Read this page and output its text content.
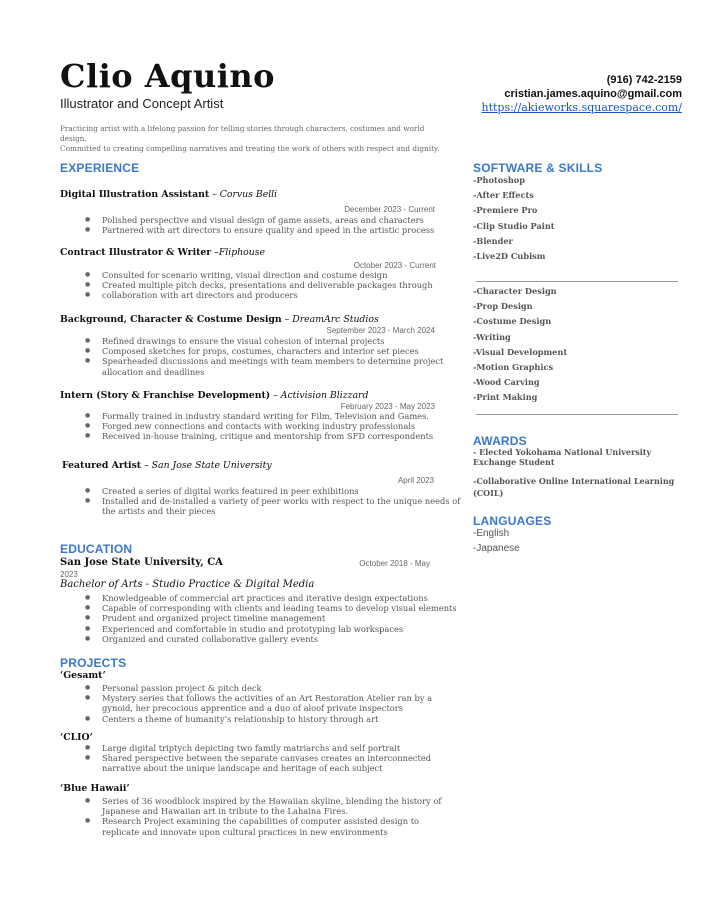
Clio Aquino
Illustrator and Concept Artist
(916) 742-2159
cristian.james.aquino@gmail.com
https://akieworks.squarespace.com/
Practicing artist with a lifelong passion for telling stories through characters, costumes and world design.
Committed to creating compelling narratives and treating the work of others with respect and dignity.
EXPERIENCE
Digital Illustration Assistant – Corvus Belli
December 2023 - Current
● Polished perspective and visual design of game assets, areas and characters
● Partnered with art directors to ensure quality and speed in the artistic process
Contract Illustrator & Writer –Fliphouse
October 2023 - Current
● Consulted for scenario writing, visual direction and costume design
● Created multiple pitch decks, presentations and deliverable packages through
● collaboration with art directors and producers
Background, Character & Costume Design – DreamArc Studios
September 2023 - March 2024
● Refined drawings to ensure the visual cohesion of internal projects
● Composed sketches for props, costumes, characters and interior set pieces
● Spearheaded discussions and meetings with team members to determine project
allocation and deadlines
Intern (Story & Franchise Development) – Activision Blizzard
February 2023 - May 2023
● Formally trained in industry standard writing for Film, Television and Games.
● Forged new connections and contacts with working industry professionals
● Received in-house training, critique and mentorship from SFD correspondents
Featured Artist – San Jose State University
April 2023
● Created a series of digital works featured in peer exhibitions
● Installed and de-installed a variety of peer works with respect to the unique needs of
the artists and their pieces
EDUCATION
San Jose State University, CA	October 2018 - May
2023
Bachelor of Arts - Studio Practice & Digital Media
● Knowledgeable of commercial art practices and iterative design expectations
● Capable of corresponding with clients and leading teams to develop visual elements
● Prudent and organized project timeline management
● Experienced and comfortable in studio and prototyping lab workspaces
● Organized and curated collaborative gallery events
PROJECTS
‘Gesamt’
● Personal passion project & pitch deck
● Mystery series that follows the activities of an Art Restoration Atelier ran by a
gynoid, her precocious apprentice and a duo of aloof private inspectors
● Centers a theme of humanity’s relationship to history through art
‘CLIO’
● Large digital triptych depicting two family matriarchs and self portrait
● Shared perspective between the separate canvases creates an interconnected
narrative about the unique landscape and heritage of each subject
‘Blue Hawaii’
● Series of 36 woodblock inspired by the Hawaiian skyline, blending the history of
Japanese and Hawaiian art in tribute to the Lahaina Fires.
● Research Project examining the capabilities of computer assisted design to
replicate and innovate upon cultural practices in new environments
SOFTWARE & SKILLS
-Photoshop
-After Effects
-Premiere Pro
-Clip Studio Paint
-Blender
-Live2D Cubism
-Character Design
-Prop Design
-Costume Design
-Writing
-Visual Development
-Motion Graphics
-Wood Carving
-Print Making
AWARDS
- Elected Yokohama National University
Exchange Student
-Collaborative Online International Learning
(COIL)
LANGUAGES
-English
-Japanese
